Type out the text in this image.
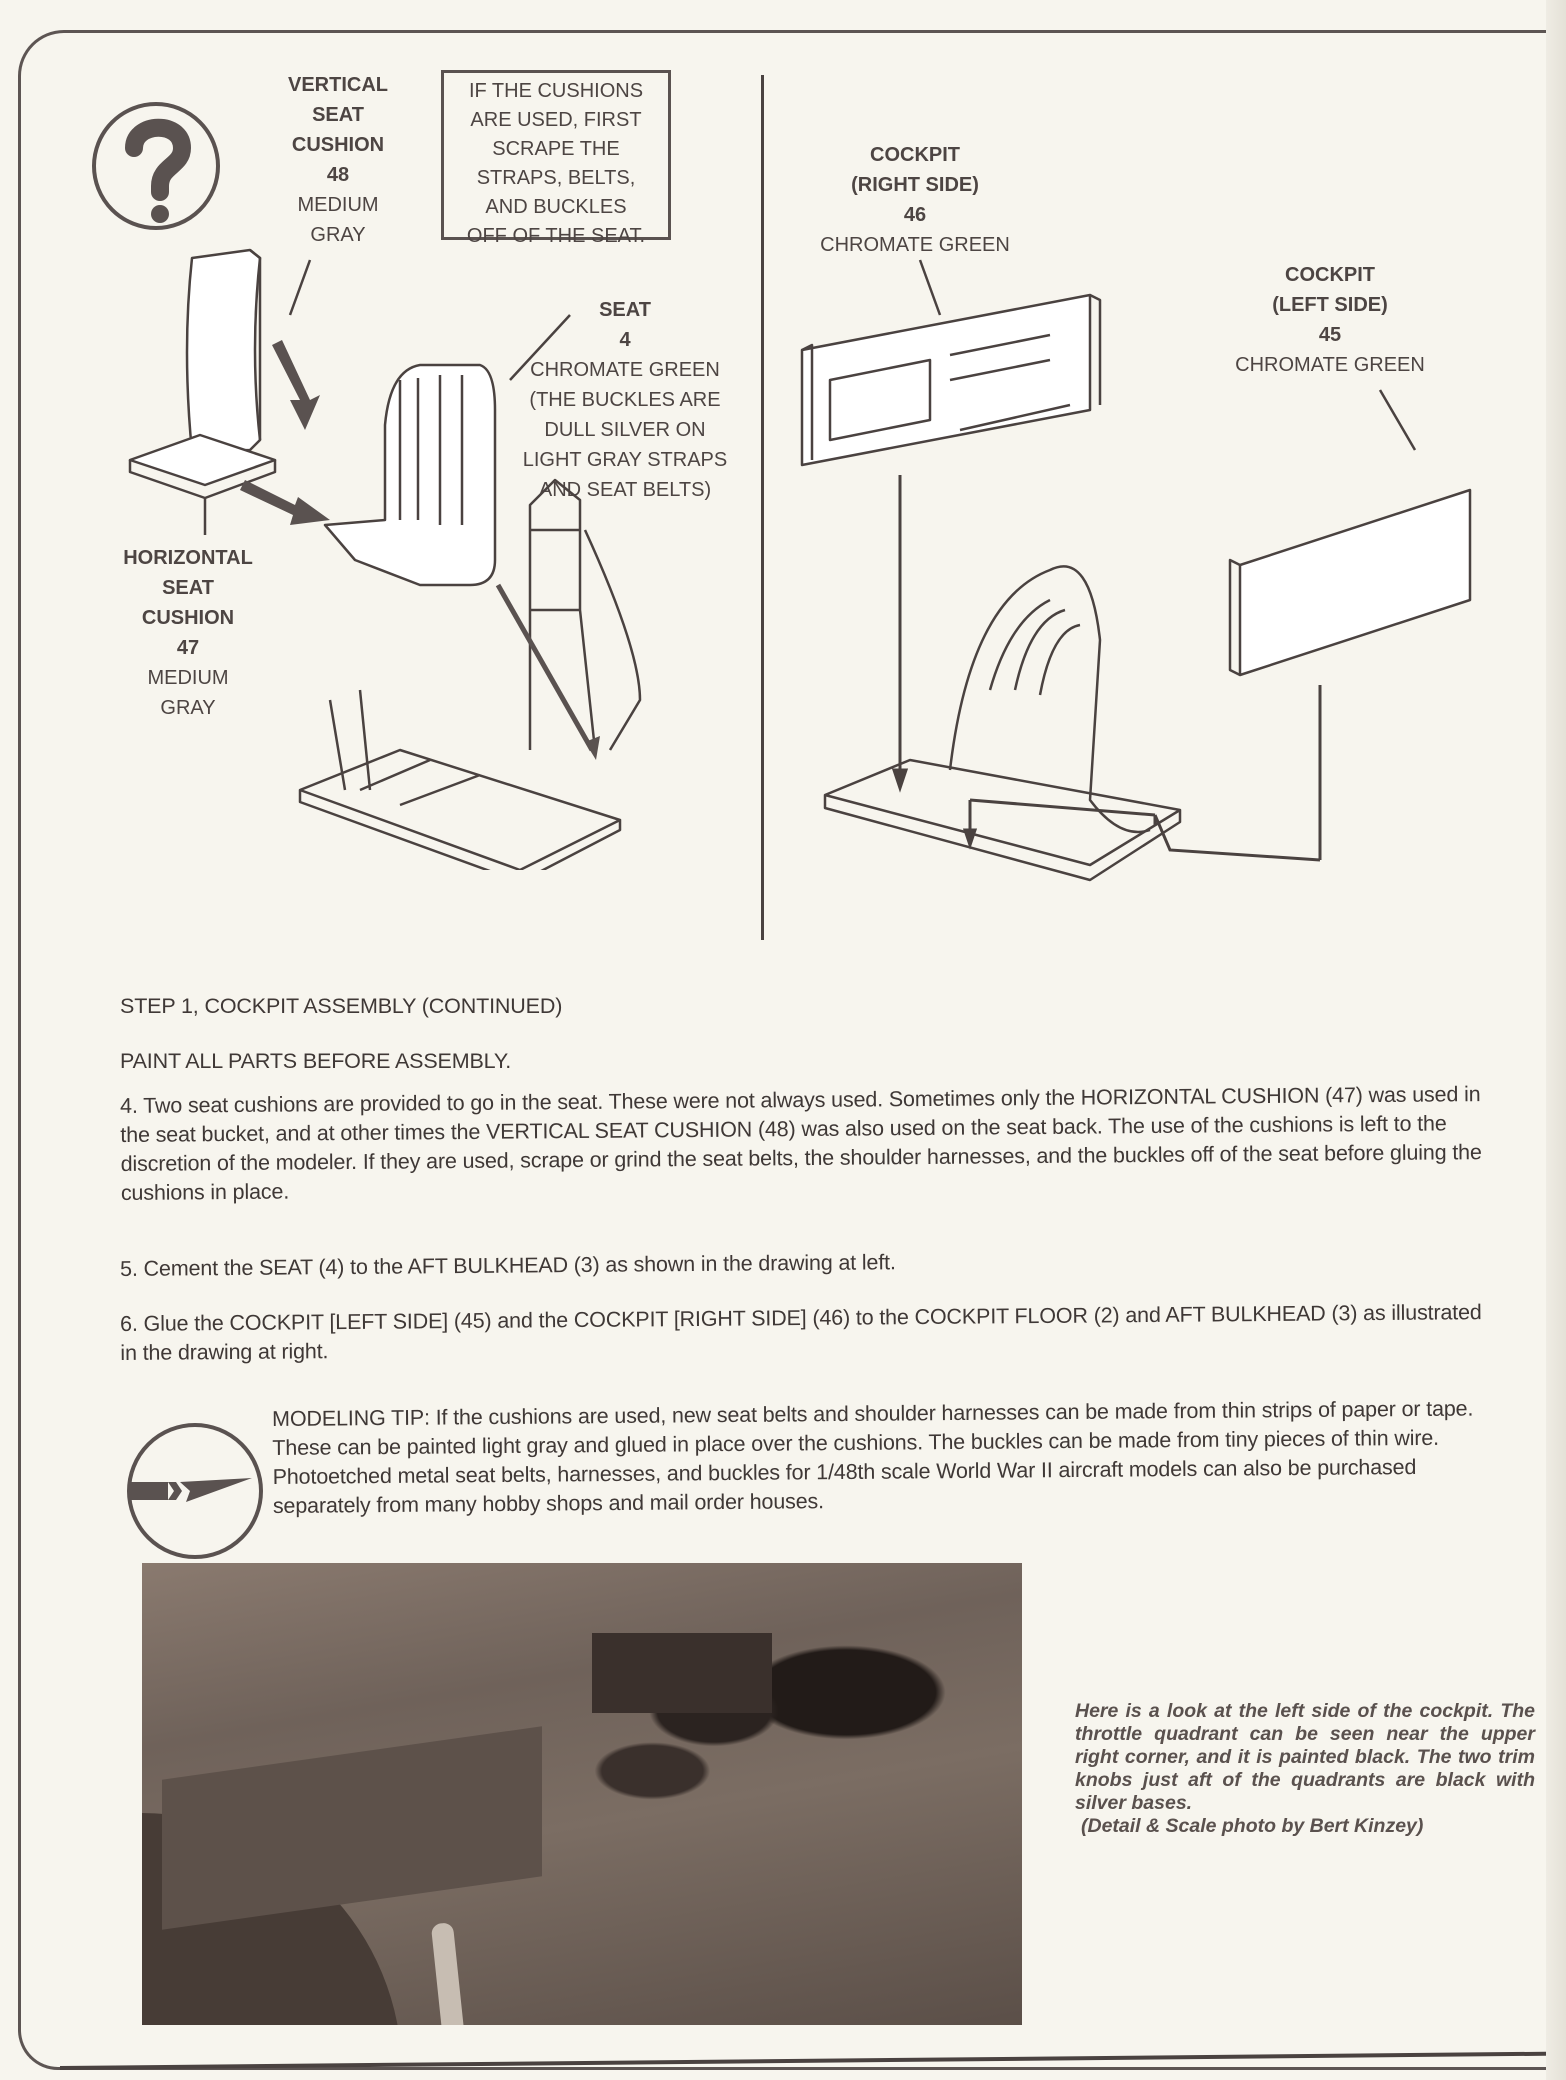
VERTICAL
SEAT
CUSHION
48
MEDIUM
GRAY
IF THE CUSHIONS
ARE USED, FIRST
SCRAPE THE
STRAPS, BELTS,
AND BUCKLES
OFF OF THE SEAT.
SEAT
4
CHROMATE GREEN
(THE BUCKLES ARE
DULL SILVER ON
LIGHT GRAY STRAPS
AND SEAT BELTS)
HORIZONTAL
SEAT
CUSHION
47
MEDIUM
GRAY
COCKPIT
(RIGHT SIDE)
46
CHROMATE GREEN
COCKPIT
(LEFT SIDE)
45
CHROMATE GREEN
STEP 1, COCKPIT ASSEMBLY (CONTINUED)
PAINT ALL PARTS BEFORE ASSEMBLY.
4. Two seat cushions are provided to go in the seat. These were not always used. Sometimes only the HORIZONTAL CUSHION (47) was used in the seat bucket, and at other times the VERTICAL SEAT CUSHION (48) was also used on the seat back. The use of the cushions is left to the discretion of the modeler. If they are used, scrape or grind the seat belts, the shoulder harnesses, and the buckles off of the seat before gluing the cushions in place.
5. Cement the SEAT (4) to the AFT BULKHEAD (3) as shown in the drawing at left.
6. Glue the COCKPIT [LEFT SIDE] (45) and the COCKPIT [RIGHT SIDE] (46) to the COCKPIT FLOOR (2) and AFT BULKHEAD (3) as illustrated in the drawing at right.
MODELING TIP: If the cushions are used, new seat belts and shoulder harnesses can be made from thin strips of paper or tape. These can be painted light gray and glued in place over the cushions. The buckles can be made from tiny pieces of thin wire. Photoetched metal seat belts, harnesses, and buckles for 1/48th scale World War II aircraft models can also be purchased separately from many hobby shops and mail order houses.
Here is a look at the left side of the cockpit. The throttle quadrant can be seen near the upper right corner, and it is painted black. The two trim knobs just aft of the quadrants are black with silver bases.
(Detail & Scale photo by Bert Kinzey)
